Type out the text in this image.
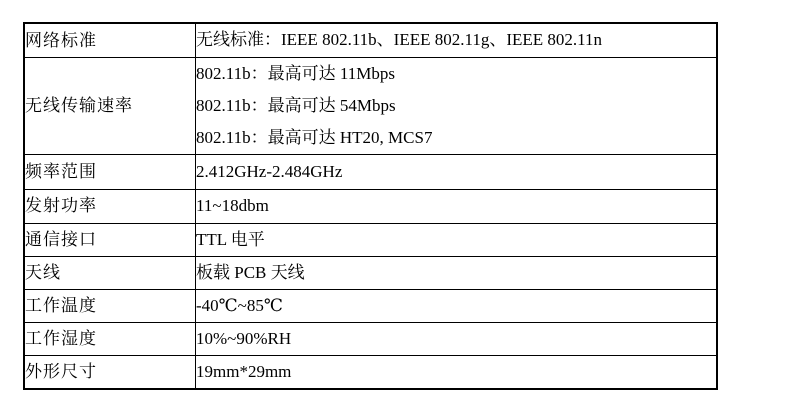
网络标准	无线标准：IEEE 802.11b、IEEE 802.11g、IEEE 802.11n

无线传输速率	802.11b：最高可达 11Mbps
802.11b：最高可达 54Mbps
802.11b：最高可达 HT20, MCS7

频率范围	2.412GHz-2.484GHz

发射功率	11~18dbm

通信接口	TTL 电平

天线	板载 PCB 天线

工作温度	-40℃~85℃

工作湿度	10%~90%RH

外形尺寸	19mm*29mm
